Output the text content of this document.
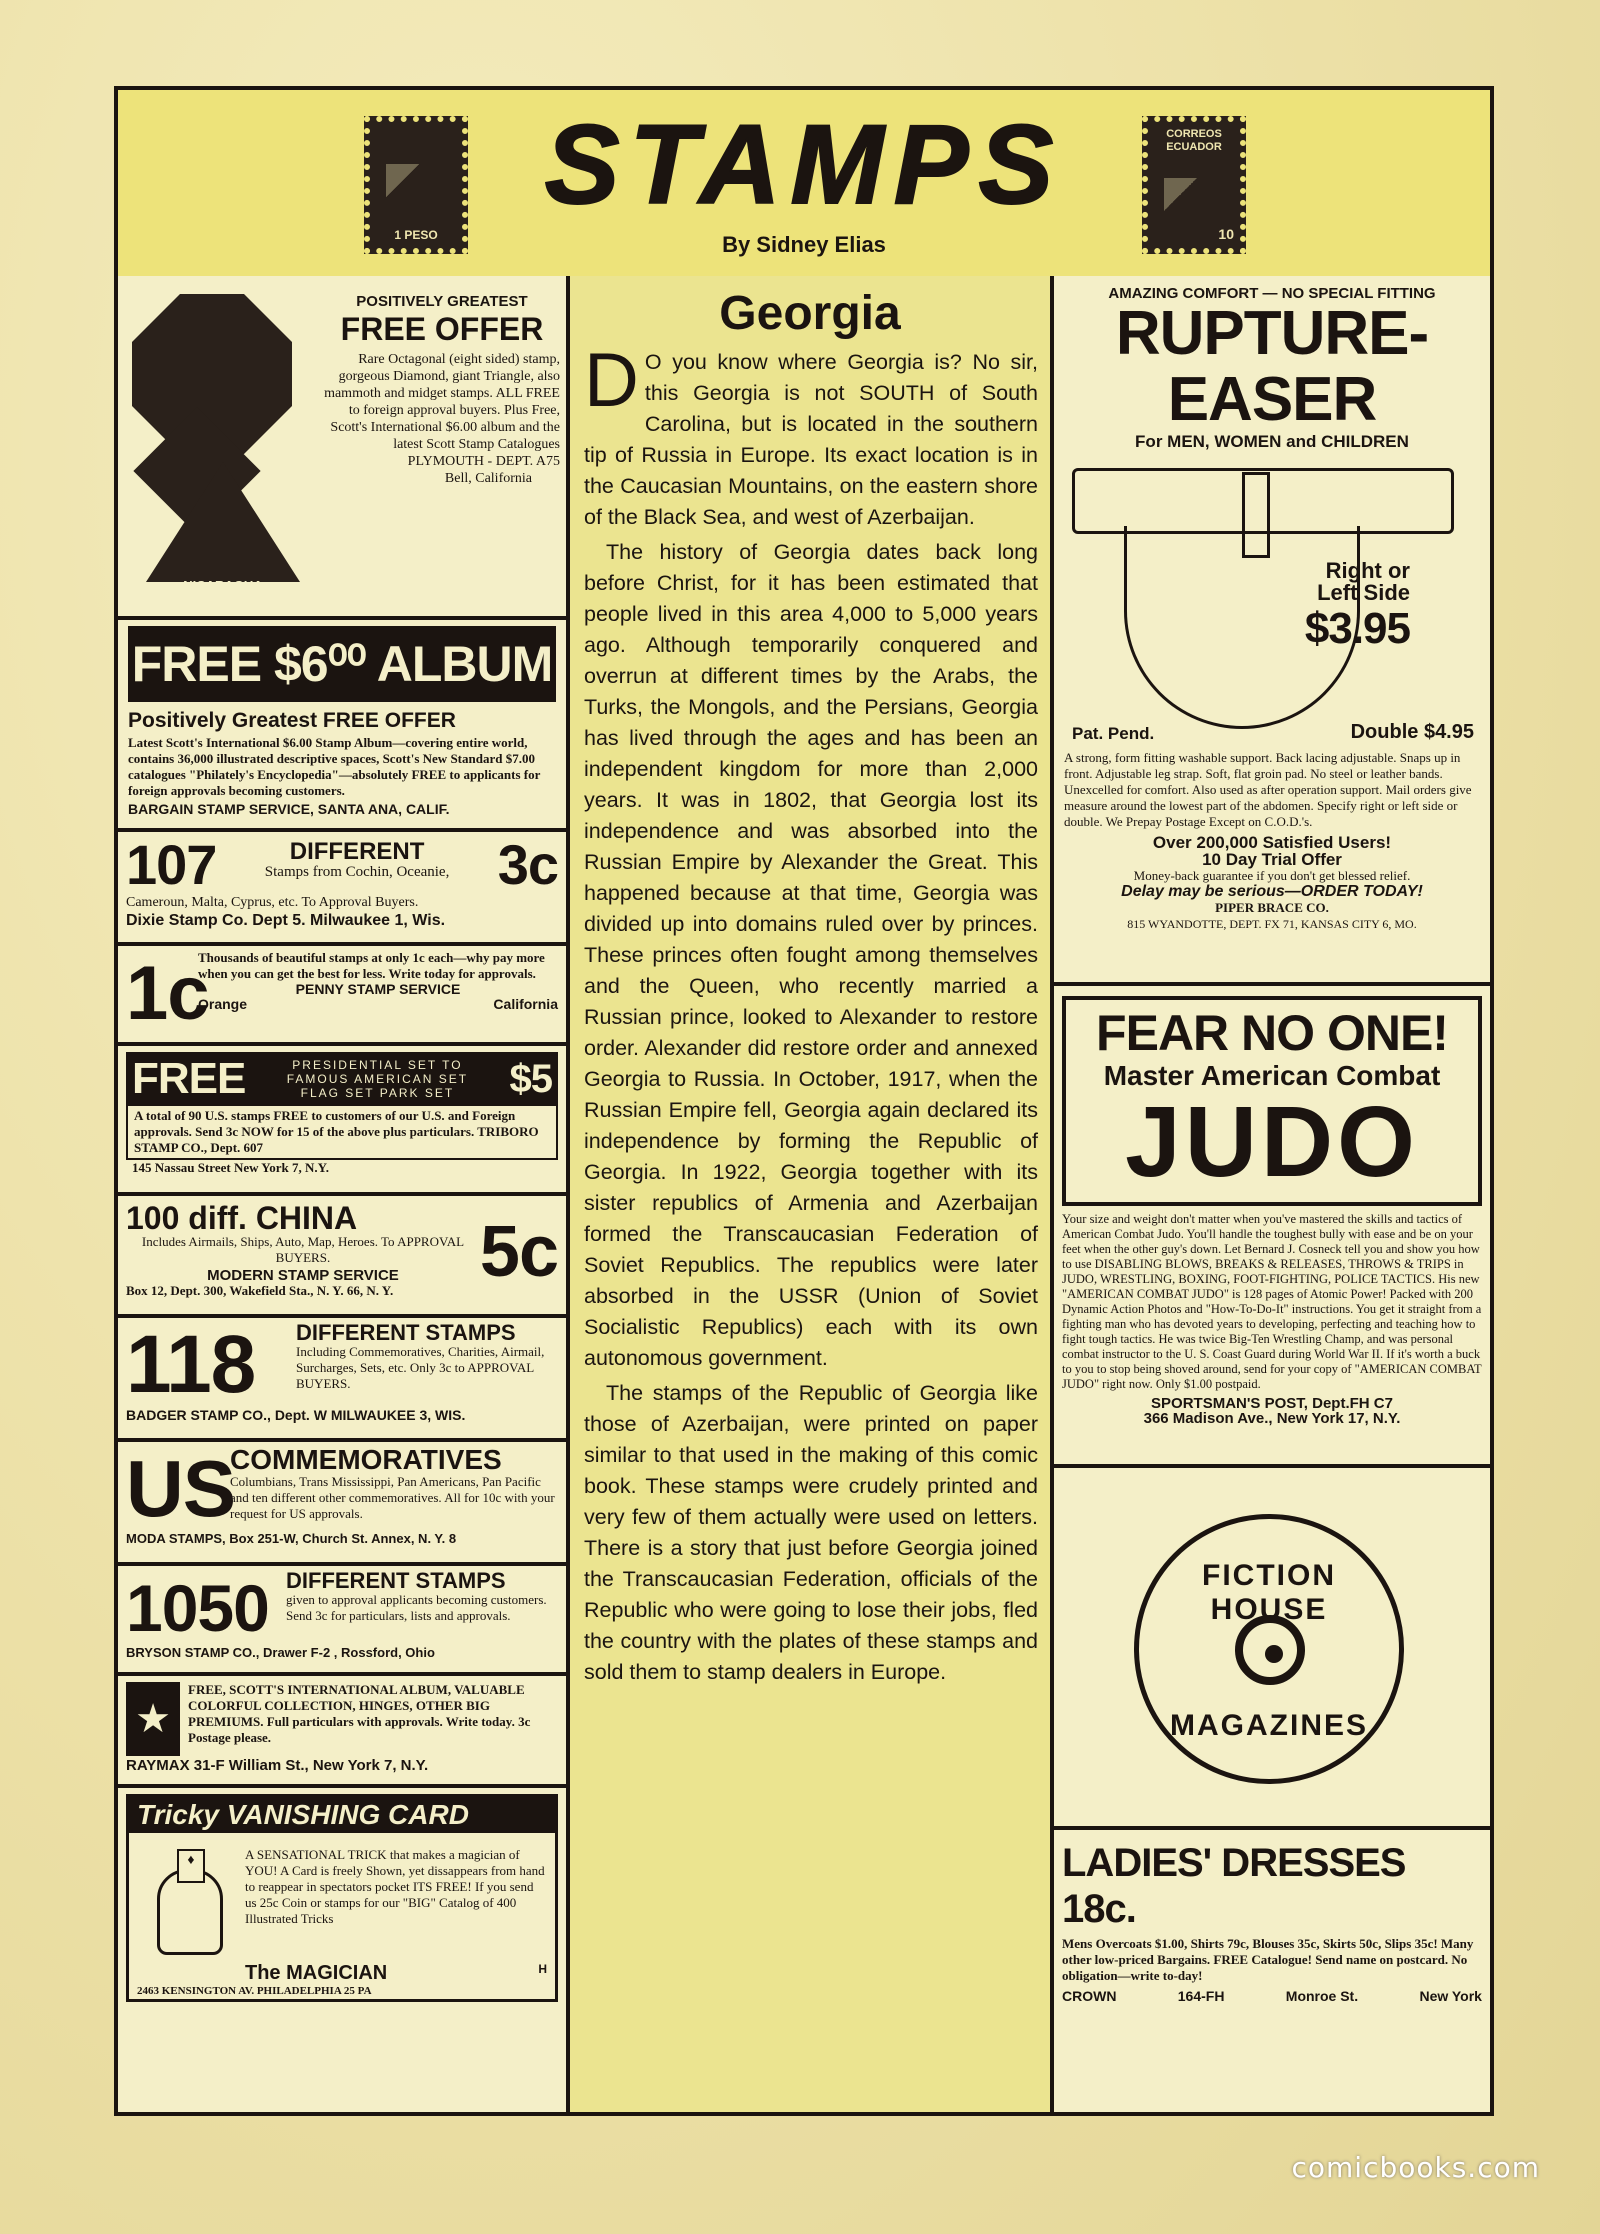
1 PESO
STAMPS
By Sidney Elias
CORREOS ECUADOR
10
NICARAGUA
POSITIVELY GREATEST
FREE OFFER
Rare Octagonal (eight sided) stamp, gorgeous Diamond, giant Triangle, also mammoth and midget stamps. ALL FREE to foreign approval buyers. Plus Free, Scott's International $6.00 album and the latest Scott Stamp Catalogues
PLYMOUTH - DEPT. A75
Bell, California
FREE $6⁰⁰ ALBUM
Positively Greatest FREE OFFER
Latest Scott's International $6.00 Stamp Album—covering entire world, contains 36,000 illustrated descriptive spaces, Scott's New Standard $7.00 catalogues "Philately's Encyclopedia"—absolutely FREE to applicants for foreign approvals becoming customers.
BARGAIN STAMP SERVICE, SANTA ANA, CALIF.
107	DIFFERENT
Stamps from Cochin, Oceanie, 3c
Cameroun, Malta, Cyprus, etc. To Approval Buyers.
Dixie Stamp Co. Dept 5. Milwaukee 1, Wis.
1c
Thousands of beautiful stamps at only 1c each—why pay more when you can get the best for less. Write today for approvals.
PENNY STAMP SERVICE
Orange	California
FREE	PRESIDENTIAL SET TO
FAMOUS AMERICAN SET
FLAG SET PARK SET	$5
A total of 90 U.S. stamps FREE to customers of our U.S. and Foreign approvals. Send 3c NOW for 15 of the above plus particulars. TRIBORO STAMP CO., Dept. 607
145 Nassau Street New York 7, N.Y.
100 diff. CHINA
Includes Airmails, Ships, Auto, Map, Heroes. To APPROVAL BUYERS.
MODERN STAMP SERVICE
Box 12, Dept. 300, Wakefield Sta., N. Y. 66, N. Y.	5c
118	DIFFERENT STAMPS
Including Commemoratives, Charities, Airmail, Surcharges, Sets, etc. Only 3c to APPROVAL BUYERS.
BADGER STAMP CO., Dept. W MILWAUKEE 3, WIS.
US
COMMEMORATIVES
Columbians, Trans Mississippi, Pan Americans, Pan Pacific and ten different other commemoratives. All for 10c with your request for US approvals.
MODA STAMPS, Box 251-W, Church St. Annex, N. Y. 8
1050 DIFFERENT STAMPS
given to approval applicants becoming customers. Send 3c for particulars, lists and approvals.
BRYSON STAMP CO., Drawer F-2 , Rossford, Ohio
★
FREE, SCOTT'S INTERNATIONAL ALBUM, VALUABLE COLORFUL COLLECTION, HINGES, OTHER BIG PREMIUMS. Full particulars with approvals. Write today. 3c Postage please.
RAYMAX 31-F William St., New York 7, N.Y.
Tricky VANISHING CARD
♦	A SENSATIONAL TRICK that makes a magician of YOU! A Card is freely Shown, yet dissappears from hand to reappear in spectators pocket ITS FREE! If you send us 25c Coin or stamps for our "BIG" Catalog of 400 Illustrated Tricks
The MAGICIAN	H
2463 KENSINGTON AV. PHILADELPHIA 25 PA
Georgia

D O you know where Georgia is? No sir, this Georgia is not SOUTH of South Carolina, but is located in the southern tip of Russia in Europe. Its exact location is in the Caucasian Mountains, on the eastern shore of the Black Sea, and west of Azerbaijan.

The history of Georgia dates back long before Christ, for it has been estimated that people lived in this area 4,000 to 5,000 years ago. Although temporarily conquered and overrun at different times by the Arabs, the Turks, the Mongols, and the Persians, Georgia has lived through the ages and has been an independent kingdom for more than 2,000 years. It was in 1802, that Georgia lost its independence and was absorbed into the Russian Empire by Alexander the Great. This happened because at that time, Georgia was divided up into domains ruled over by princes. These princes often fought among themselves and the Queen, who recently married a Russian prince, looked to Alexander to restore order. Alexander did restore order and annexed Georgia to Russia. In October, 1917, when the Russian Empire fell, Georgia again declared its independence by forming the Republic of Georgia. In 1922, Georgia together with its sister republics of Armenia and Azerbaijan formed the Transcaucasian Federation of Soviet Republics. The republics were later absorbed in the USSR (Union of Soviet Socialistic Republics) each with its own autonomous government.

The stamps of the Republic of Georgia like those of Azerbaijan, were printed on paper similar to that used in the making of this comic book. These stamps were crudely printed and very few of them actually were used on letters. There is a story that just before Georgia joined the Transcaucasian Federation, officials of the Republic who were going to lose their jobs, fled the country with the plates of these stamps and sold them to stamp dealers in Europe.

AMAZING COMFORT — NO SPECIAL FITTING
RUPTURE-EASER
For MEN, WOMEN and CHILDREN
Right or Left Side
$3.95
Pat. Pend.	Double $4.95
A strong, form fitting washable support. Back lacing adjustable. Snaps up in front. Adjustable leg strap. Soft, flat groin pad. No steel or leather bands. Unexcelled for comfort. Also used as after operation support. Mail orders give measure around the lowest part of the abdomen. Specify right or left side or double. We Prepay Postage Except on C.O.D.'s.
Over 200,000 Satisfied Users!
10 Day Trial Offer
Money-back guarantee if you don't get blessed relief.
Delay may be serious—ORDER TODAY!
PIPER BRACE CO.
815 WYANDOTTE, DEPT. FX 71, KANSAS CITY 6, MO.
FEAR NO ONE!
Master American Combat
JUDO
Your size and weight don't matter when you've mastered the skills and tactics of American Combat Judo. You'll handle the toughest bully with ease and be on your feet when the other guy's down. Let Bernard J. Cosneck tell you and show you how to use DISABLING BLOWS, BREAKS & RELEASES, THROWS & TRIPS in JUDO, WRESTLING, BOXING, FOOT-FIGHTING, POLICE TACTICS. His new "AMERICAN COMBAT JUDO" is 128 pages of Atomic Power! Packed with 200 Dynamic Action Photos and "How-To-Do-It" instructions. You get it straight from a fighting man who has devoted years to developing, perfecting and teaching how to fight tough tactics. He was twice Big-Ten Wrestling Champ, and was personal combat instructor to the U. S. Coast Guard during World War II. If it's worth a buck to you to stop being shoved around, send for your copy of "AMERICAN COMBAT JUDO" right now. Only $1.00 postpaid.
SPORTSMAN'S POST, Dept.FH C7
366 Madison Ave., New York 17, N.Y.
FICTION HOUSE
MAGAZINES
LADIES' DRESSES 18c.
Mens Overcoats $1.00, Shirts 79c, Blouses 35c, Skirts 50c, Slips 35c! Many other low-priced Bargains. FREE Catalogue! Send name on postcard. No obligation—write to-day!
CROWN	164-FH	Monroe St.	New York
comicbooks.com
